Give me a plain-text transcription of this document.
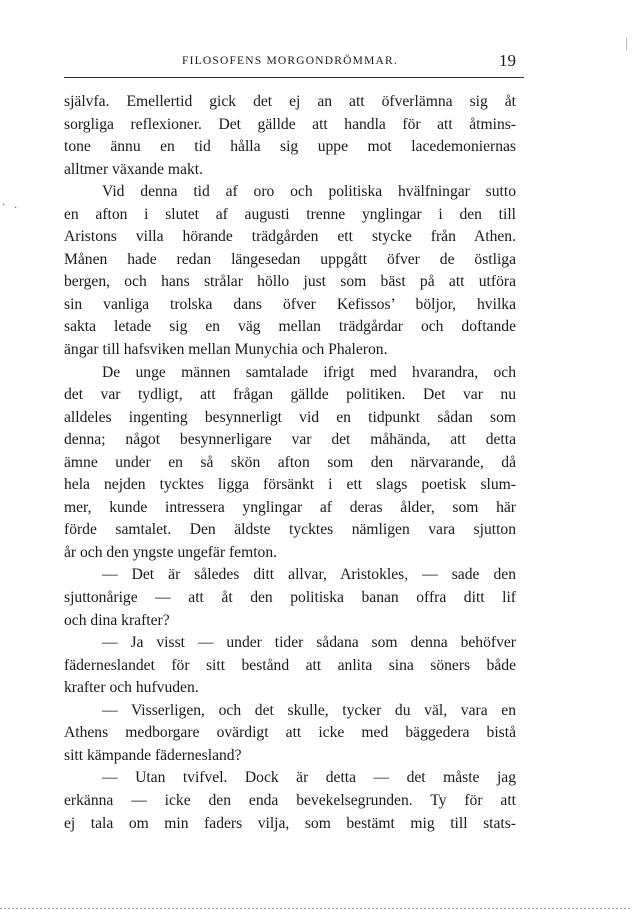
FILOSOFENS MORGONDRÖMMAR.	19
självfa. Emellertid gick det ej an att öfverlämna sig åt
sorgliga reflexioner. Det gällde att handla för att åtmins-
tone ännu en tid hålla sig uppe mot lacedemoniernas
alltmer växande makt.
Vid denna tid af oro och politiska hvälfningar sutto
en afton i slutet af augusti trenne ynglingar i den till
Aristons villa hörande trädgården ett stycke från Athen.
Månen hade redan längesedan uppgått öfver de östliga
bergen, och hans strålar höllo just som bäst på att utföra
sin vanliga trolska dans öfver Kefissos’ böljor, hvilka
sakta letade sig en väg mellan trädgårdar och doftande
ängar till hafsviken mellan Munychia och Phaleron.
De unge männen samtalade ifrigt med hvarandra, och
det var tydligt, att frågan gällde politiken. Det var nu
alldeles ingenting besynnerligt vid en tidpunkt sådan som
denna; något besynnerligare var det måhända, att detta
ämne under en så skön afton som den närvarande, då
hela nejden tycktes ligga försänkt i ett slags poetisk slum-
mer, kunde intressera ynglingar af deras ålder, som här
förde samtalet. Den äldste tycktes nämligen vara sjutton
år och den yngste ungefär femton.
— Det är således ditt allvar, Aristokles, — sade den
sjuttonårige — att åt den politiska banan offra ditt lif
och dina krafter?
— Ja visst — under tider sådana som denna behöfver
fäderneslandet för sitt bestånd att anlita sina söners både
krafter och hufvuden.
— Visserligen, och det skulle, tycker du väl, vara en
Athens medborgare ovärdigt att icke med bäggedera bistå
sitt kämpande fädernesland?
— Utan tvifvel. Dock är detta — det måste jag
erkänna — icke den enda bevekelsegrunden. Ty för att
ej tala om min faders vilja, som bestämt mig till stats-
· ·
